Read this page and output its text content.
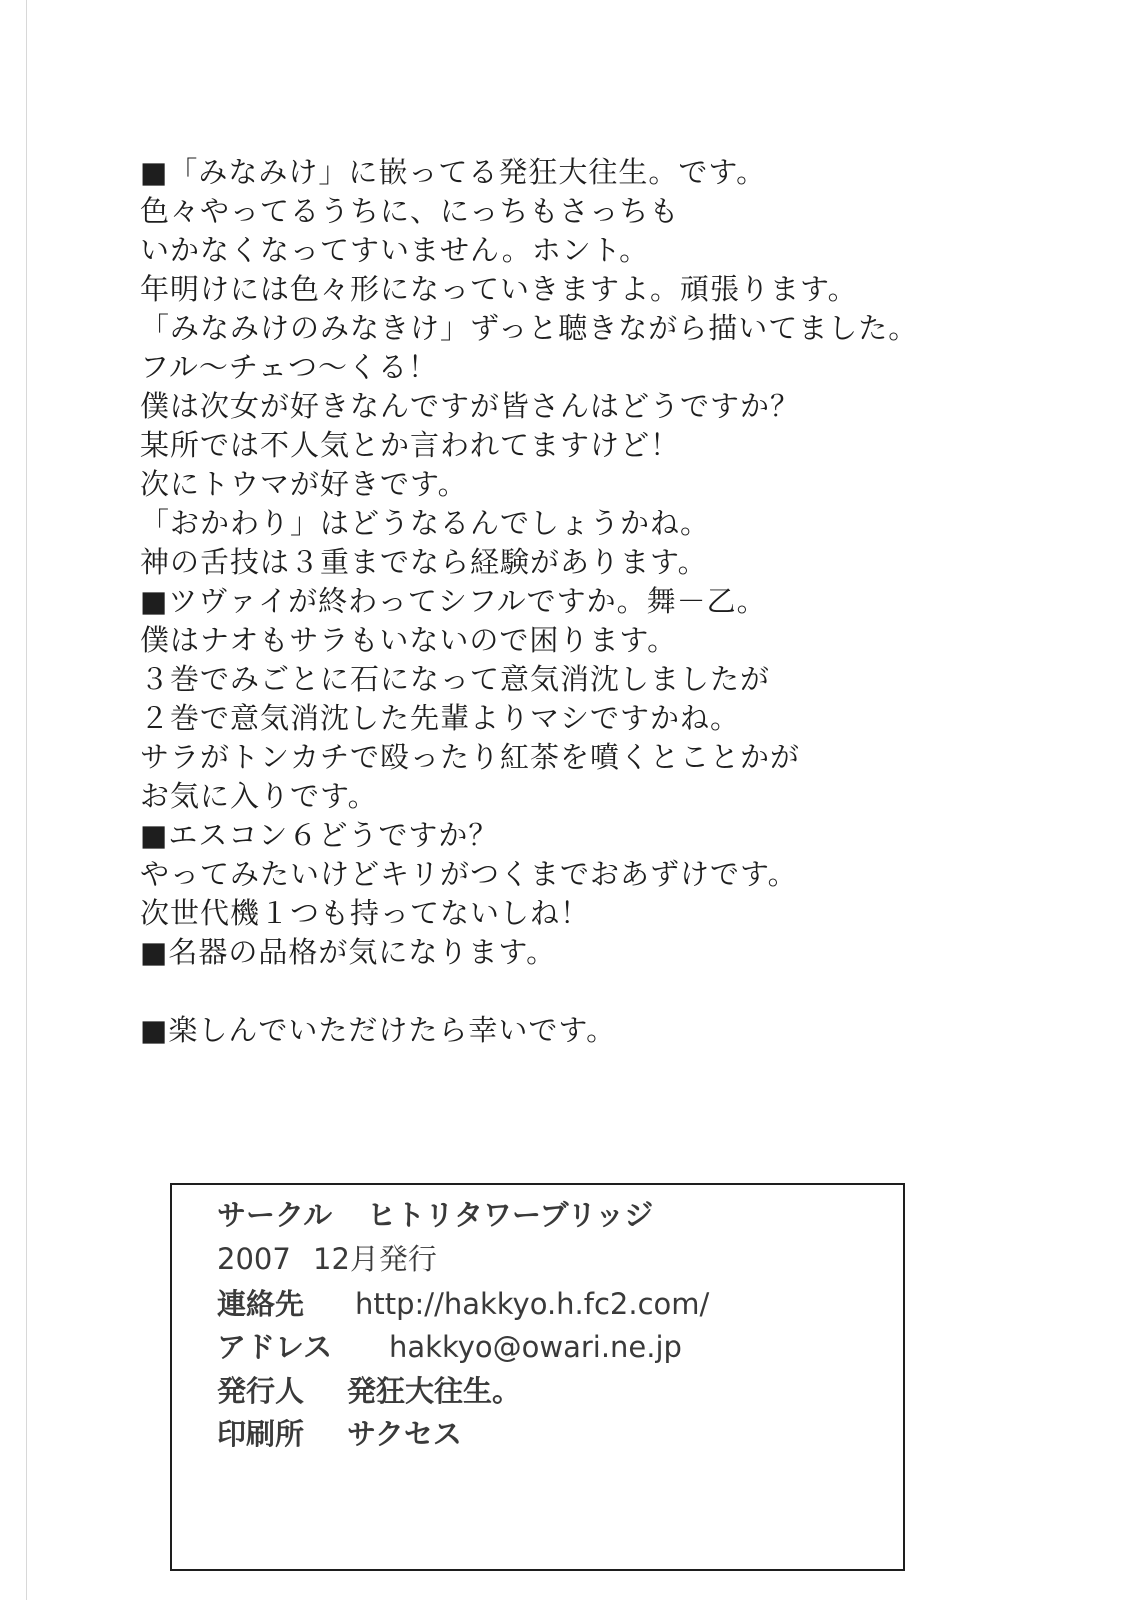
■「みなみけ」に嵌ってる発狂大往生。です。
色々やってるうちに、にっちもさっちも
いかなくなってすいません。ホント。
年明けには色々形になっていきますよ。頑張ります。
「みなみけのみなきけ」ずっと聴きながら描いてました。
フル～チェつ～くる！
僕は次女が好きなんですが皆さんはどうですか？
某所では不人気とか言われてますけど！
次にトウマが好きです。
「おかわり」はどうなるんでしょうかね。
神の舌技は３重までなら経験があります。
■ツヴァイが終わってシフルですか。舞－乙。
僕はナオもサラもいないので困ります。
３巻でみごとに石になって意気消沈しましたが
２巻で意気消沈した先輩よりマシですかね。
サラがトンカチで殴ったり紅茶を噴くとことかが
お気に入りです。
■エスコン６どうですか？
やってみたいけどキリがつくまでおあずけです。
次世代機１つも持ってないしね！
■名器の品格が気になります。
■楽しんでいただけたら幸いです。
サークル ヒトリタワーブリッジ
2007 12月発行
連絡先 http://hakkyo.h.fc2.com/
アドレス hakkyo@owari.ne.jp
発行人 発狂大往生。
印刷所 サクセス
